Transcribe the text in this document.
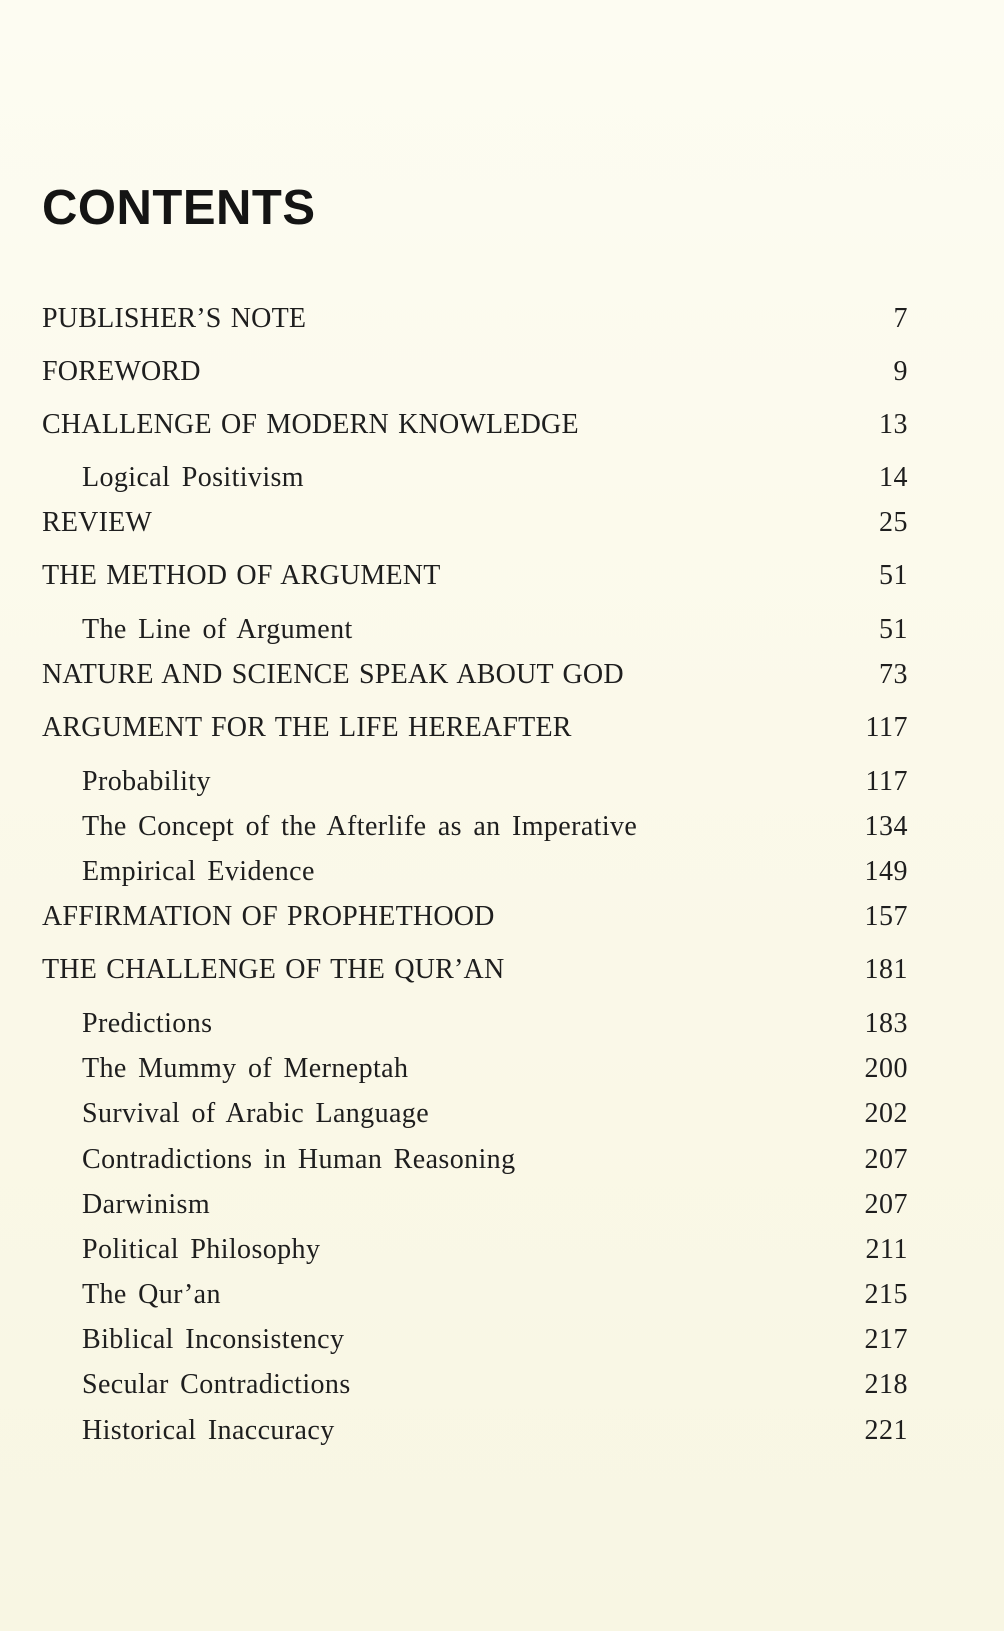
CONTENTS
PUBLISHER’S NOTE	7
FOREWORD	9
CHALLENGE OF MODERN KNOWLEDGE	13
Logical Positivism	14
REVIEW	25
THE METHOD OF ARGUMENT	51
The Line of Argument	51
NATURE AND SCIENCE SPEAK ABOUT GOD	73
ARGUMENT FOR THE LIFE HEREAFTER	117
Probability	117
The Concept of the Afterlife as an Imperative	134
Empirical Evidence	149
AFFIRMATION OF PROPHETHOOD	157
THE CHALLENGE OF THE QUR’AN	181
Predictions	183
The Mummy of Merneptah	200
Survival of Arabic Language	202
Contradictions in Human Reasoning	207
Darwinism	207
Political Philosophy	211
The Qur’an	215
Biblical Inconsistency	217
Secular Contradictions	218
Historical Inaccuracy	221
